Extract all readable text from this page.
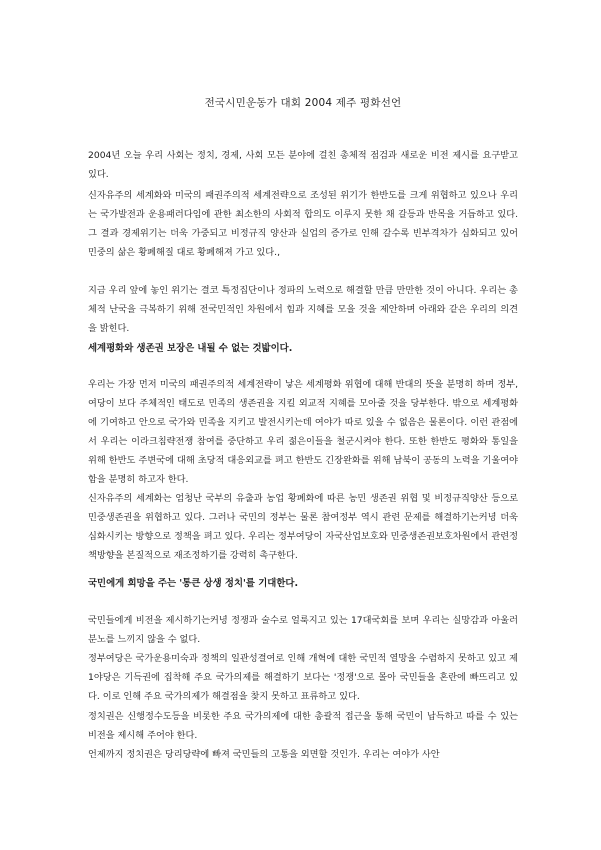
전국시민운동가 대회 2004 제주 평화선언

2004년 오늘 우리 사회는 정치, 경제, 사회 모든 분야에 걸친 총체적 점검과 새로운 비전 제시를 요구받고 있다.

신자유주의 세계화와 미국의 패권주의적 세계전략으로 조성된 위기가 한반도를 크게 위협하고 있으나 우리는 국가발전과 운용패러다임에 관한 최소한의 사회적 합의도 이루지 못한 채 갈등과 반목을 거듭하고 있다. 그 결과 경제위기는 더욱 가중되고 비정규직 양산과 실업의 증가로 인해 갈수록 빈부격차가 심화되고 있어 민중의 삶은 황폐해질 대로 황폐해져 가고 있다.,

지금 우리 앞에 놓인 위기는 결코 특정집단이나 정파의 노력으로 해결할 만큼 만만한 것이 아니다. 우리는 총체적 난국을 극복하기 위해 전국민적인 차원에서 힘과 지혜를 모을 것을 제안하며 아래와 같은 우리의 의견을 밝힌다.

세계평화와 생존권 보장은 내될 수 없는 것밟이다.

우리는 가장 먼저 미국의 패권주의적 세계전략이 낳은 세계평화 위협에 대해 반대의 뜻을 분명히 하며 정부, 여당이 보다 주체적인 태도로 민족의 생존권을 지킬 외교적 지혜를 모아줄 것을 당부한다. 밖으로 세계평화에 기여하고 안으로 국가와 민족을 지키고 발전시키는데 여야가 따로 있을 수 없음은 물론이다. 이런 관점에서 우리는 이라크침략전쟁 참여를 중단하고 우리 젊은이들을 철군시켜야 한다. 또한 한반도 평화와 통일을 위해 한반도 주변국에 대해 초당적 대응외교를 펴고 한반도 긴장완화를 위해 남북이 공동의 노력을 기울여야 함을 분명히 하고자 한다.

신자유주의 세계화는 엄청난 국부의 유출과 농업 황폐화에 따른 농민 생존권 위협 및 비정규직양산 등으로 민중생존권을 위협하고 있다. 그러나 국민의 정부는 물론 참여정부 역시 관련 문제를 해결하기는커녕 더욱 심화시키는 방향으로 정책을 펴고 있다. 우리는 정부여당이 자국산업보호와 민중생존권보호차원에서 관련정책방향을 본질적으로 재조정하기를 강력히 촉구한다.

국민에게 희망을 주는 '통큰 상생 정치'를 기대한다.

국민들에게 비전을 제시하기는커녕 정쟁과 술수로 얼룩지고 있는 17대국회를 보며 우리는 실망감과 아울러 분노를 느끼지 않을 수 없다.

정부여당은 국가운용미숙과 정책의 일관성결여로 인해 개혁에 대한 국민적 열망을 수렴하지 못하고 있고 제1야당은 기득권에 집착해 주요 국가의제를 해결하기 보다는 '정쟁'으로 몰아 국민들을 혼란에 빠뜨리고 있다. 이로 인해 주요 국가의제가 해결점을 찾지 못하고 표류하고 있다.

정치권은 신행정수도등을 비롯한 주요 국가의제에 대한 총괄적 접근을 통해 국민이 납득하고 따를 수 있는 비전을 제시해 주어야 한다.

언제까지 정치권은 당리당략에 빠져 국민들의 고통을 외면할 것인가. 우리는 여야가 사안
